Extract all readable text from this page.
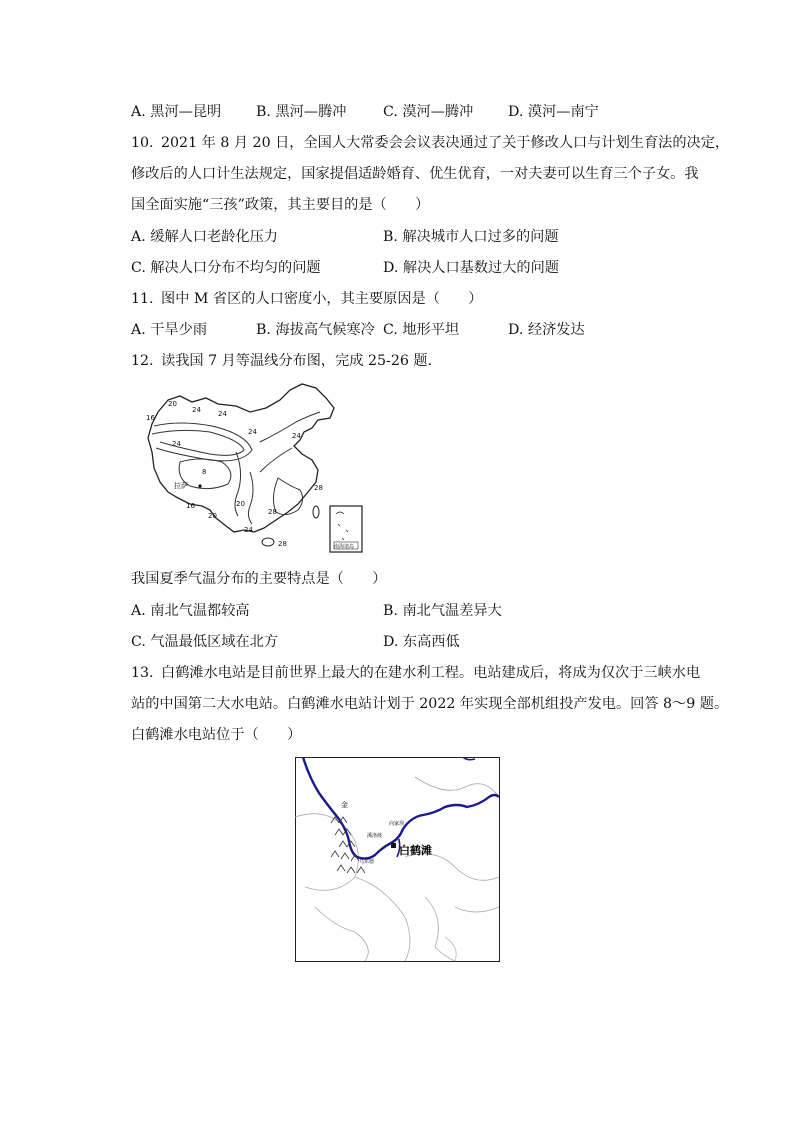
A. 黑河—昆明 B. 黑河—腾冲	C. 漠河—腾冲 D. 漠河—南宁
10. 2021 年 8 月 20 日，全国人大常委会会议表决通过了关于修改人口与计划生育法的决定，
修改后的人口计生法规定，国家提倡适龄婚育、优生优育，一对夫妻可以生育三个子女。我
国全面实施“三孩”政策，其主要目的是（　　）
A. 缓解人口老龄化压力	B. 解决城市人口过多的问题
C. 解决人口分布不均匀的问题	D. 解决人口基数过大的问题
11. 图中 M 省区的人口密度小，其主要原因是（　　）
A. 干旱少雨	B. 海拔高气候寒冷 C. 地形平坦	D. 经济发达
12. 读我国 7 月等温线分布图，完成 25-26 题．
20
24
16	24
24
24
8
拉萨
16	20
20
24
28
28
28
24
南海诸岛
我国夏季气温分布的主要特点是（　　）
A. 南北气温都较高	B. 南北气温差异大
C. 气温最低区域在北方	D. 东高西低
13. 白鹤滩水电站是目前世界上最大的在建水利工程。电站建成后，将成为仅次于三峡水电
站的中国第二大水电站。白鹤滩水电站计划于 2022 年实现全部机组投产发电。回答 8～9 题。
白鹤滩水电站位于（　　）
金
溪洛渡
向家坝
乌东德
白鹤滩
